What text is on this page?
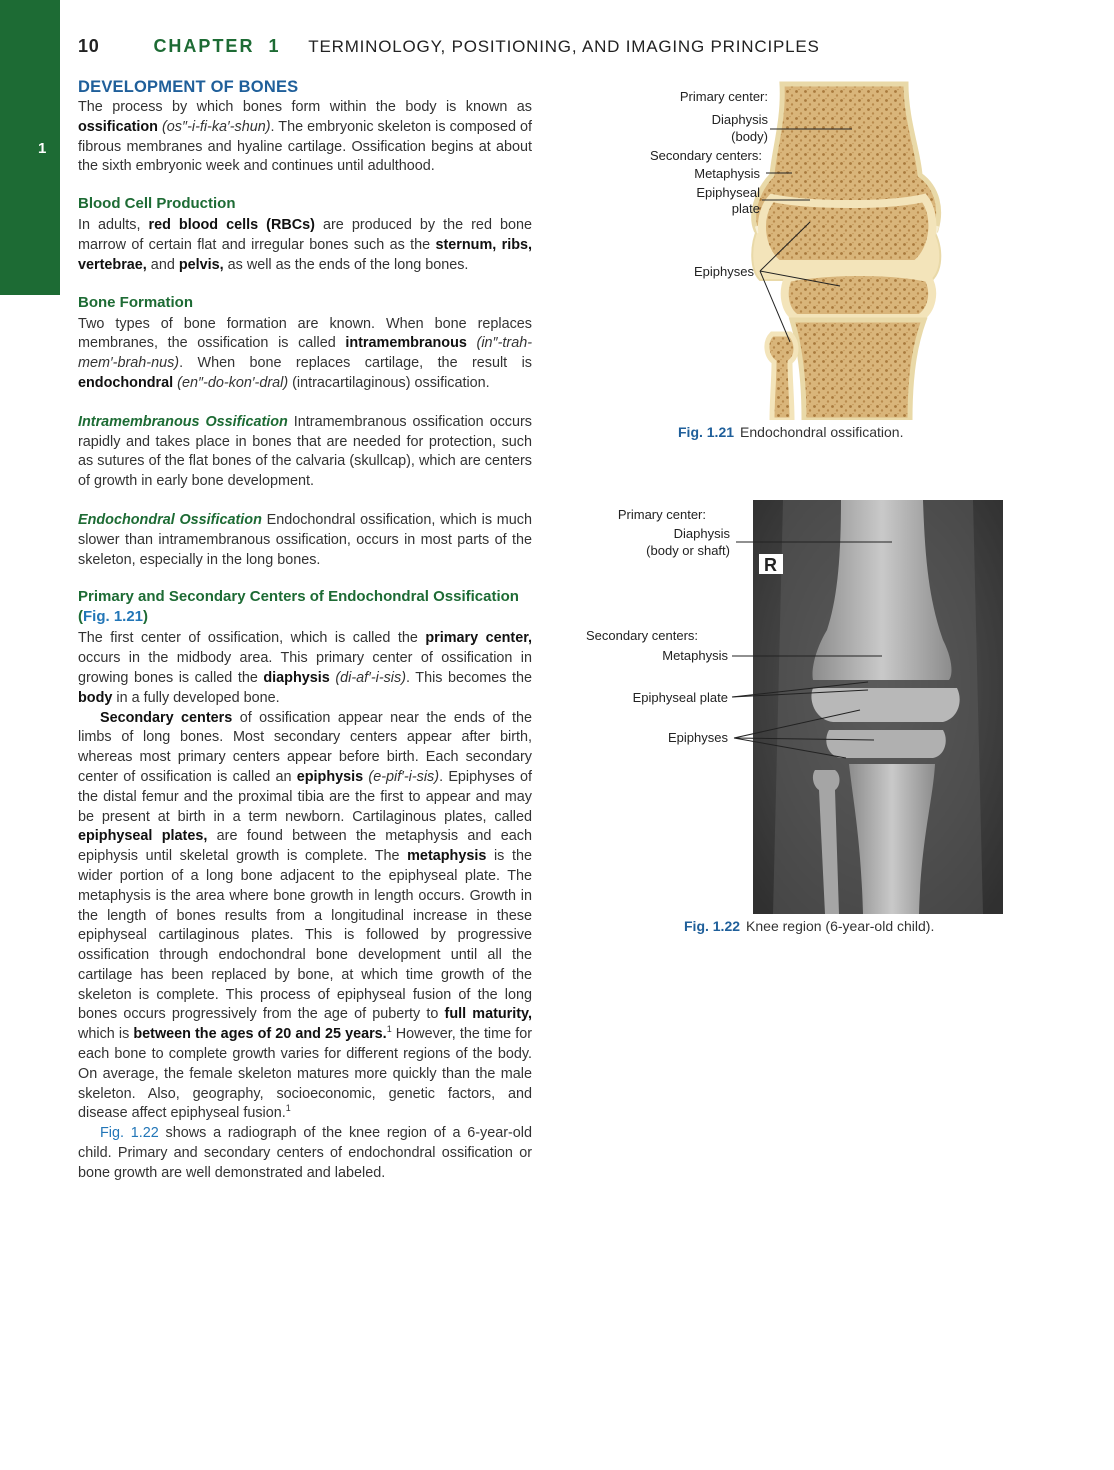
1
10	CHAPTER 1 TERMINOLOGY, POSITIONING, AND IMAGING PRINCIPLES
DEVELOPMENT OF BONES

The process by which bones form within the body is known as ossification (os″-i-fi-ka′-shun). The embryonic skeleton is composed of fibrous membranes and hyaline cartilage. Ossification begins at about the sixth embryonic week and continues until adulthood.

Blood Cell Production

In adults, red blood cells (RBCs) are produced by the red bone marrow of certain flat and irregular bones such as the sternum, ribs, vertebrae, and pelvis, as well as the ends of the long bones.

Bone Formation

Two types of bone formation are known. When bone replaces membranes, the ossification is called intramembranous (in″-trah-mem′-brah-nus). When bone replaces cartilage, the result is endochondral (en″-do-kon′-dral) (intracartilaginous) ossification.

Intramembranous Ossification Intramembranous ossification occurs rapidly and takes place in bones that are needed for protection, such as sutures of the flat bones of the calvaria (skullcap), which are centers of growth in early bone development.

Endochondral Ossification Endochondral ossification, which is much slower than intramembranous ossification, occurs in most parts of the skeleton, especially in the long bones.

Primary and Secondary Centers of Endochondral Ossification (Fig. 1.21)

The first center of ossification, which is called the primary center, occurs in the midbody area. This primary center of ossification in growing bones is called the diaphysis (di-af′-i-sis). This becomes the body in a fully developed bone.

Secondary centers of ossification appear near the ends of the limbs of long bones. Most secondary centers appear after birth, whereas most primary centers appear before birth. Each secondary center of ossification is called an epiphysis (e-pif′-i-sis). Epiphyses of the distal femur and the proximal tibia are the first to appear and may be present at birth in a term newborn. Cartilaginous plates, called epiphyseal plates, are found between the metaphysis and each epiphysis until skeletal growth is complete. The metaphysis is the wider portion of a long bone adjacent to the epiphyseal plate. The metaphysis is the area where bone growth in length occurs. Growth in the length of bones results from a longitudinal increase in these epiphyseal cartilaginous plates. This is followed by progressive ossification through endochondral bone development until all the cartilage has been replaced by bone, at which time growth of the skeleton is complete. This process of epiphyseal fusion of the long bones occurs progressively from the age of puberty to full maturity, which is between the ages of 20 and 25 years.$^1$ However, the time for each bone to complete growth varies for different regions of the body. On average, the female skeleton matures more quickly than the male skeleton. Also, geography, socioeconomic, genetic factors, and disease affect epiphyseal fusion.$^1$

Fig. 1.22 shows a radiograph of the knee region of a 6-year-old child. Primary and secondary centers of endochondral ossification or bone growth are well demonstrated and labeled.

Primary center:
Diaphysis
(body)
Secondary centers:
Metaphysis
Epiphyseal
plate
Epiphyses
Fig. 1.21 Endochondral ossification.
R
Primary center:
Diaphysis
(body or shaft)
Secondary centers:
Metaphysis
Epiphyseal plate
Epiphyses
Fig. 1.22 Knee region (6-year-old child).
